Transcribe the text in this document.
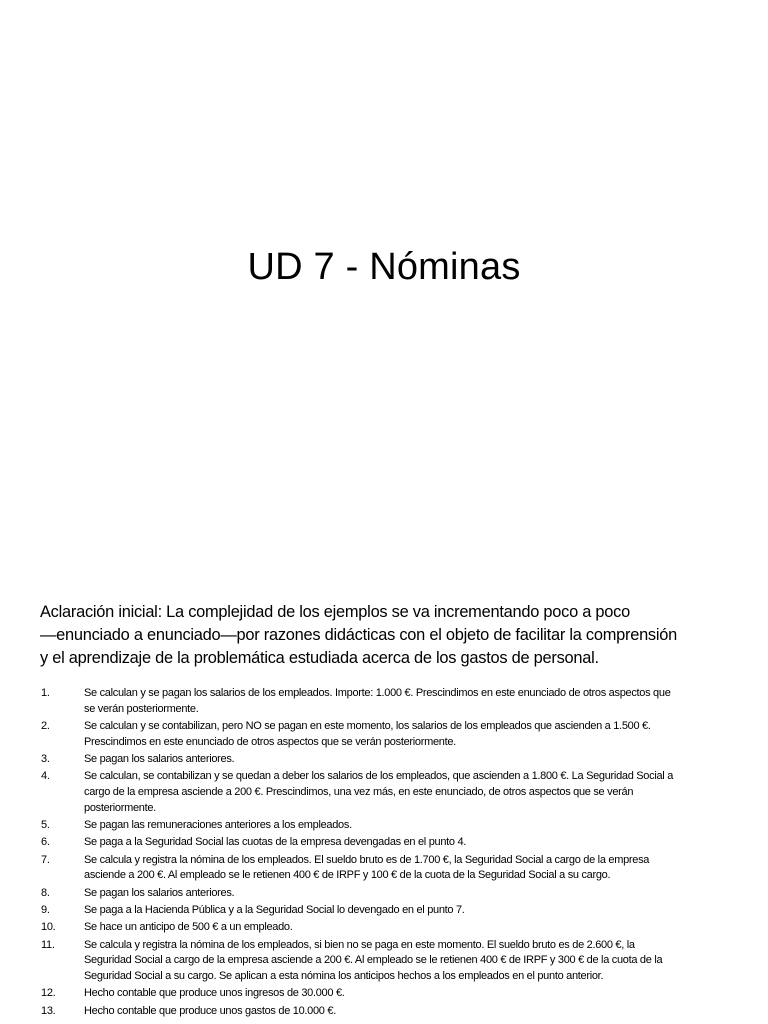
UD 7 - Nóminas
Aclaración inicial: La complejidad de los ejemplos se va incrementando poco a poco
—enunciado a enunciado—por razones didácticas con el objeto de facilitar la comprensión
y el aprendizaje de la problemática estudiada acerca de los gastos de personal.
1.	Se calculan y se pagan los salarios de los empleados. Importe: 1.000 €. Prescindimos en este enunciado de otros aspectos que
se verán posteriormente.
2.	Se calculan y se contabilizan, pero NO se pagan en este momento, los salarios de los empleados que ascienden a 1.500 €.
Prescindimos en este enunciado de otros aspectos que se verán posteriormente.
3.	Se pagan los salarios anteriores.
4.	Se calculan, se contabilizan y se quedan a deber los salarios de los empleados, que ascienden a 1.800 €. La Seguridad Social a
cargo de la empresa asciende a 200 €. Prescindimos, una vez más, en este enunciado, de otros aspectos que se verán
posteriormente.
5.	Se pagan las remuneraciones anteriores a los empleados.
6.	Se paga a la Seguridad Social las cuotas de la empresa devengadas en el punto 4.
7.	Se calcula y registra la nómina de los empleados. El sueldo bruto es de 1.700 €, la Seguridad Social a cargo de la empresa
asciende a 200 €. Al empleado se le retienen 400 € de IRPF y 100 € de la cuota de la Seguridad Social a su cargo.
8.	Se pagan los salarios anteriores.
9.	Se paga a la Hacienda Pública y a la Seguridad Social lo devengado en el punto 7.
10.	Se hace un anticipo de 500 € a un empleado.
11.	Se calcula y registra la nómina de los empleados, si bien no se paga en este momento. El sueldo bruto es de 2.600 €, la
Seguridad Social a cargo de la empresa asciende a 200 €. Al empleado se le retienen 400 € de IRPF y 300 € de la cuota de la
Seguridad Social a su cargo. Se aplican a esta nómina los anticipos hechos a los empleados en el punto anterior.
12.	Hecho contable que produce unos ingresos de 30.000 €.
13.	Hecho contable que produce unos gastos de 10.000 €.
